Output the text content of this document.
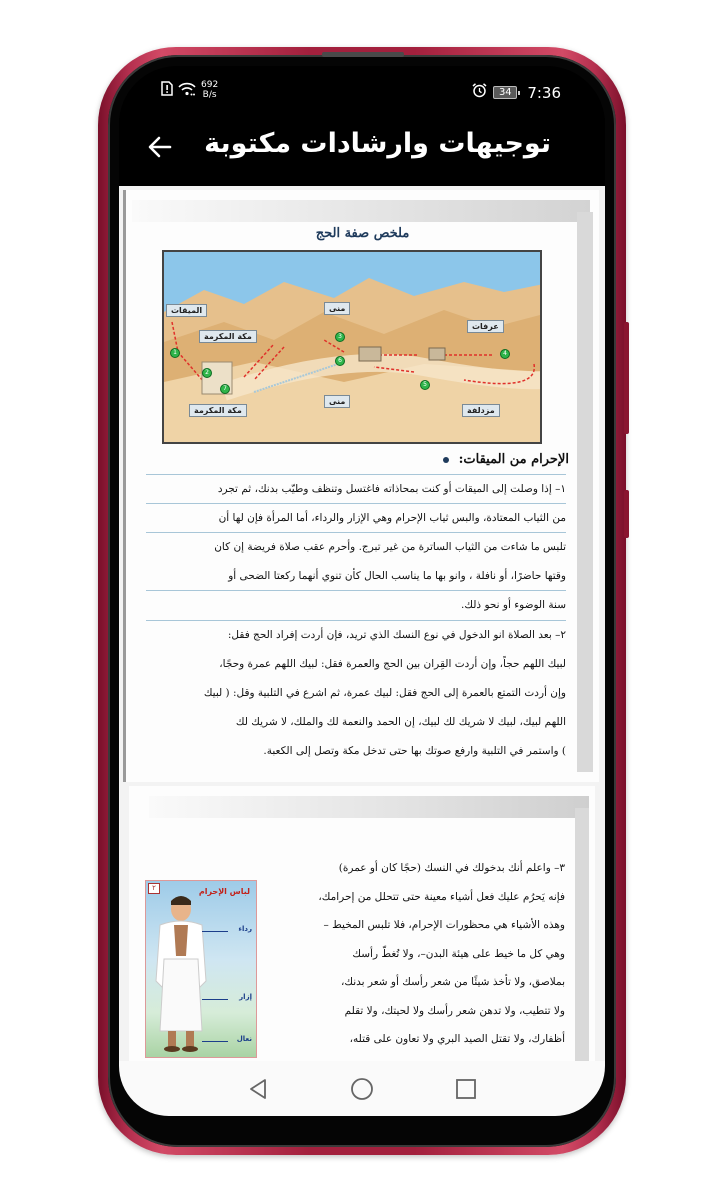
692
B/s	34	7:36
توجيهات وارشادات مكتوبة
ملخص صفة الحج
الميقات
مكة المكرمة
مكة المكرمة
منى
منى
عرفات
مزدلفة
1
2
3
4
5
6
7
الإحرام من الميقات:
١– إذا وصلت إلى الميقات أو كنت بمحاذاته فاغتسل وتنظف وطيّب بدنك، ثم تجرد
من الثياب المعتادة، والبس ثياب الإحرام وهي الإزار والرداء، أما المرأة فإن لها أن
تلبس ما شاءت من الثياب الساترة من غير تبرج. وأحرم عقب صلاة فريضة إن كان
وقتها حاضرًا، أو نافلة ، وانو بها ما يناسب الحال كأن تنوي أنهما ركعتا الضحى أو
سنة الوضوء أو نحو ذلك.
٢– بعد الصلاة انو الدخول في نوع النسك الذي تريد، فإن أردت إفراد الحج فقل:
لبيك اللهم حجاً، وإن أردت القِران بين الحج والعمرة فقل: لبيك اللهم عمرة وحجًا،
وإن أردت التمتع بالعمرة إلى الحج فقل: لبيك عمرة، ثم اشرع في التلبية وقل: ( لبيك
اللهم لبيك، لبيك لا شريك لك لبيك، إن الحمد والنعمة لك والملك، لا شريك لك
) واستمر في التلبية وارفع صوتك بها حتى تدخل مكة وتصل إلى الكعبة.
٢	لباس الإحرام
رداء
إزار
نعال
٣– واعلم أنك بدخولك في النسك (حجًا كان أو عمرة)
فإنه يَحرُم عليك فعل أشياء معينة حتى تتحلل من إحرامك،
وهذه الأشياء هي محظورات الإحرام، فلا تلبس المخيط –
وهي كل ما خيط على هيئة البدن–، ولا تُغطّ رأسك
بملاصق، ولا تأخذ شيئًا من شعر رأسك أو شعر بدنك،
ولا تتطيب، ولا تدهن شعر رأسك ولا لحيتك، ولا تقلم
أظفارك، ولا تقتل الصيد البري ولا تعاون على قتله،
